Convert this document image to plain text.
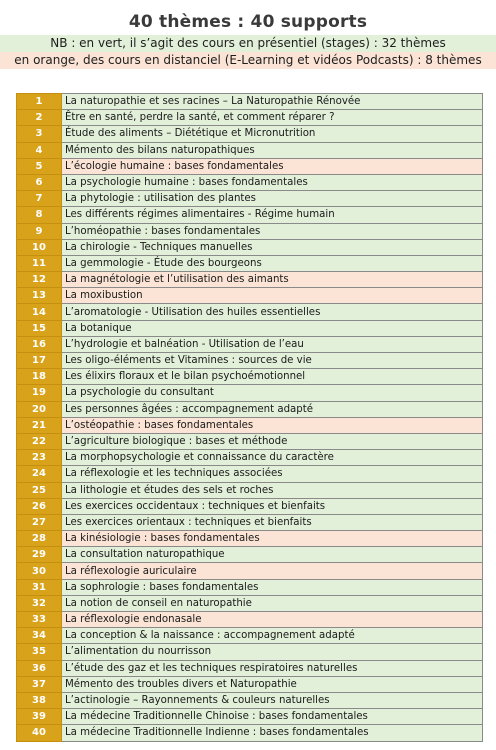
40 thèmes : 40 supports
NB : en vert, il s’agit des cours en présentiel (stages) : 32 thèmes
en orange, des cours en distanciel (E-Learning et vidéos Podcasts) : 8 thèmes
1	La naturopathie et ses racines – La Naturopathie Rénovée
2	Être en santé, perdre la santé, et comment réparer ?
3	Étude des aliments – Diététique et Micronutrition
4	Mémento des bilans naturopathiques
5	L’écologie humaine : bases fondamentales
6	La psychologie humaine : bases fondamentales
7	La phytologie : utilisation des plantes
8	Les différents régimes alimentaires - Régime humain
9	L’homéopathie : bases fondamentales
10	La chirologie - Techniques manuelles
11	La gemmologie - Étude des bourgeons
12	La magnétologie et l’utilisation des aimants
13	La moxibustion
14	L’aromatologie - Utilisation des huiles essentielles
15	La botanique
16	L’hydrologie et balnéation - Utilisation de l’eau
17	Les oligo-éléments et Vitamines : sources de vie
18	Les élixirs floraux et le bilan psychoémotionnel
19	La psychologie du consultant
20	Les personnes âgées : accompagnement adapté
21	L’ostéopathie : bases fondamentales
22	L’agriculture biologique : bases et méthode
23	La morphopsychologie et connaissance du caractère
24	La réflexologie et les techniques associées
25	La lithologie et études des sels et roches
26	Les exercices occidentaux : techniques et bienfaits
27	Les exercices orientaux : techniques et bienfaits
28	La kinésiologie : bases fondamentales
29	La consultation naturopathique
30	La réflexologie auriculaire
31	La sophrologie : bases fondamentales
32	La notion de conseil en naturopathie
33	La réflexologie endonasale
34	La conception & la naissance : accompagnement adapté
35	L’alimentation du nourrisson
36	L’étude des gaz et les techniques respiratoires naturelles
37	Mémento des troubles divers et Naturopathie
38	L’actinologie – Rayonnements & couleurs naturelles
39	La médecine Traditionnelle Chinoise : bases fondamentales
40	La médecine Traditionnelle Indienne : bases fondamentales
